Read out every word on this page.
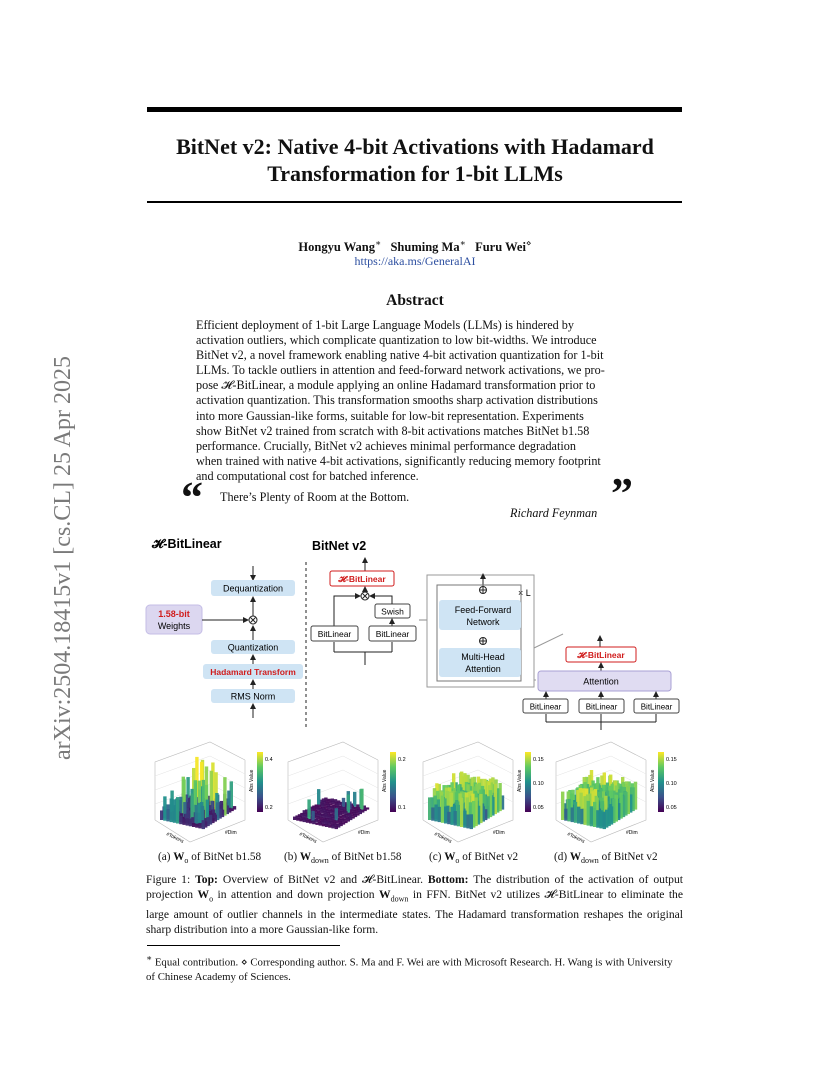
arXiv:2504.18415v1 [cs.CL] 25 Apr 2025
BitNet v2: Native 4-bit Activations with Hadamard
Transformation for 1-bit LLMs
Hongyu Wang∗ Shuming Ma∗ Furu Wei⋄
https://aka.ms/GeneralAI
Abstract
Efficient deployment of 1-bit Large Language Models (LLMs) is hindered by
activation outliers, which complicate quantization to low bit-widths. We introduce
BitNet v2, a novel framework enabling native 4-bit activation quantization for 1-bit
LLMs. To tackle outliers in attention and feed-forward network activations, we pro-
pose 𝓗-BitLinear, a module applying an online Hadamard transformation prior to
activation quantization. This transformation smooths sharp activation distributions
into more Gaussian-like forms, suitable for low-bit representation. Experiments
show BitNet v2 trained from scratch with 8-bit activations matches BitNet b1.58
performance. Crucially, BitNet v2 achieves minimal performance degradation
when trained with native 4-bit activations, significantly reducing memory footprint
and computational cost for batched inference.
“ There’s Plenty of Room at the Bottom.	”
Richard Feynman
𝓗-BitLinear
Dequantization
1.58-bit
Weights
Quantization
Hadamard Transform
RMS Norm
BitNet v2
𝓗-BitLinear
Swish
BitLinear	BitLinear
× L
Feed-Forward
Network
Multi-Head
Attention
𝓗-BitLinear
Attention
BitLinear	BitLinear	BitLinear
0.4
0.2
Abs Value
#Tokens	#Dim
0.2
0.1
Abs Value
#Tokens	#Dim
0.15
0.10
0.05
Abs Value
#Tokens	#Dim
0.15
0.10
0.05
Abs Value
#Tokens	#Dim
(a) $W_o$ of BitNet b1.58 (b) $W_{down}$ of BitNet b1.58 (c) $W_o$ of BitNet v2	(d) $W_{down}$ of BitNet v2
Figure 1: Top: Overview of BitNet v2 and 𝓗-BitLinear. Bottom: The distribution of the activation of output projection $W_o$ in attention and down projection $W_{down}$ in FFN. BitNet v2 utilizes 𝓗-BitLinear to eliminate the large amount of outlier channels in the intermediate states. The Hadamard transformation reshapes the original sharp distribution into a more Gaussian-like form.
∗ Equal contribution. ⋄ Corresponding author. S. Ma and F. Wei are with Microsoft Research. H. Wang is with University of Chinese Academy of Sciences.
